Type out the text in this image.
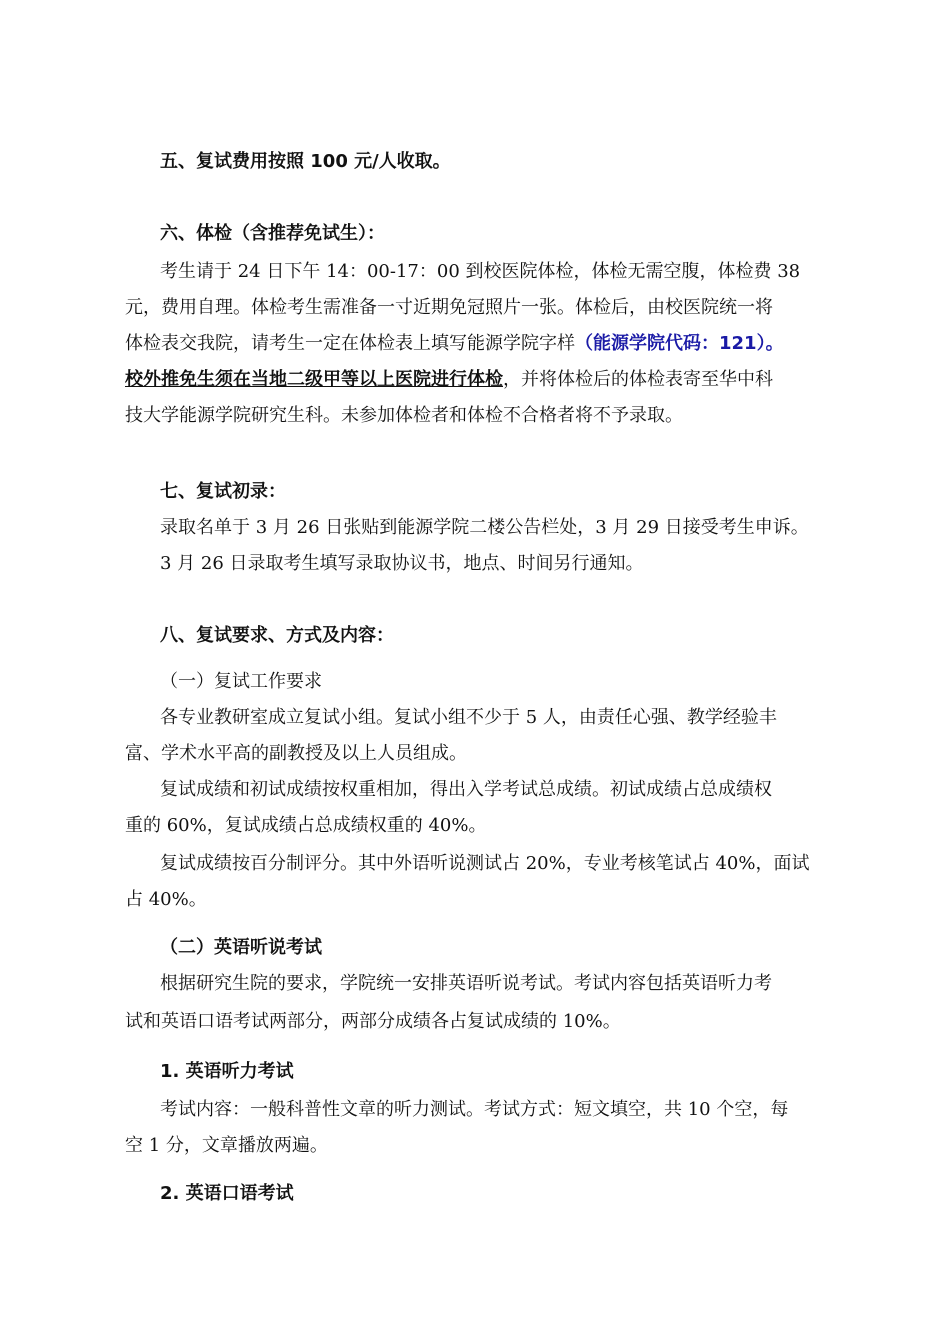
五、复试费用按照 100 元/人收取。
六、体检（含推荐免试生）：
考生请于 24 日下午 14：00-17：00 到校医院体检，体检无需空腹，体检费 38
元，费用自理。体检考生需准备一寸近期免冠照片一张。体检后，由校医院统一将
体检表交我院，请考生一定在体检表上填写能源学院字样（能源学院代码：121）。
校外推免生须在当地二级甲等以上医院进行体检，并将体检后的体检表寄至华中科
技大学能源学院研究生科。未参加体检者和体检不合格者将不予录取。
七、复试初录：
录取名单于 3 月 26 日张贴到能源学院二楼公告栏处，3 月 29 日接受考生申诉。
3 月 26 日录取考生填写录取协议书，地点、时间另行通知。
八、复试要求、方式及内容：
（一）复试工作要求
各专业教研室成立复试小组。复试小组不少于 5 人，由责任心强、教学经验丰
富、学术水平高的副教授及以上人员组成。
复试成绩和初试成绩按权重相加，得出入学考试总成绩。初试成绩占总成绩权
重的 60%，复试成绩占总成绩权重的 40%。
复试成绩按百分制评分。其中外语听说测试占 20%，专业考核笔试占 40%，面试
占 40%。
（二）英语听说考试
根据研究生院的要求，学院统一安排英语听说考试。考试内容包括英语听力考
试和英语口语考试两部分，两部分成绩各占复试成绩的 10%。
1. 英语听力考试
考试内容：一般科普性文章的听力测试。考试方式：短文填空，共 10 个空，每
空 1 分，文章播放两遍。
2. 英语口语考试
